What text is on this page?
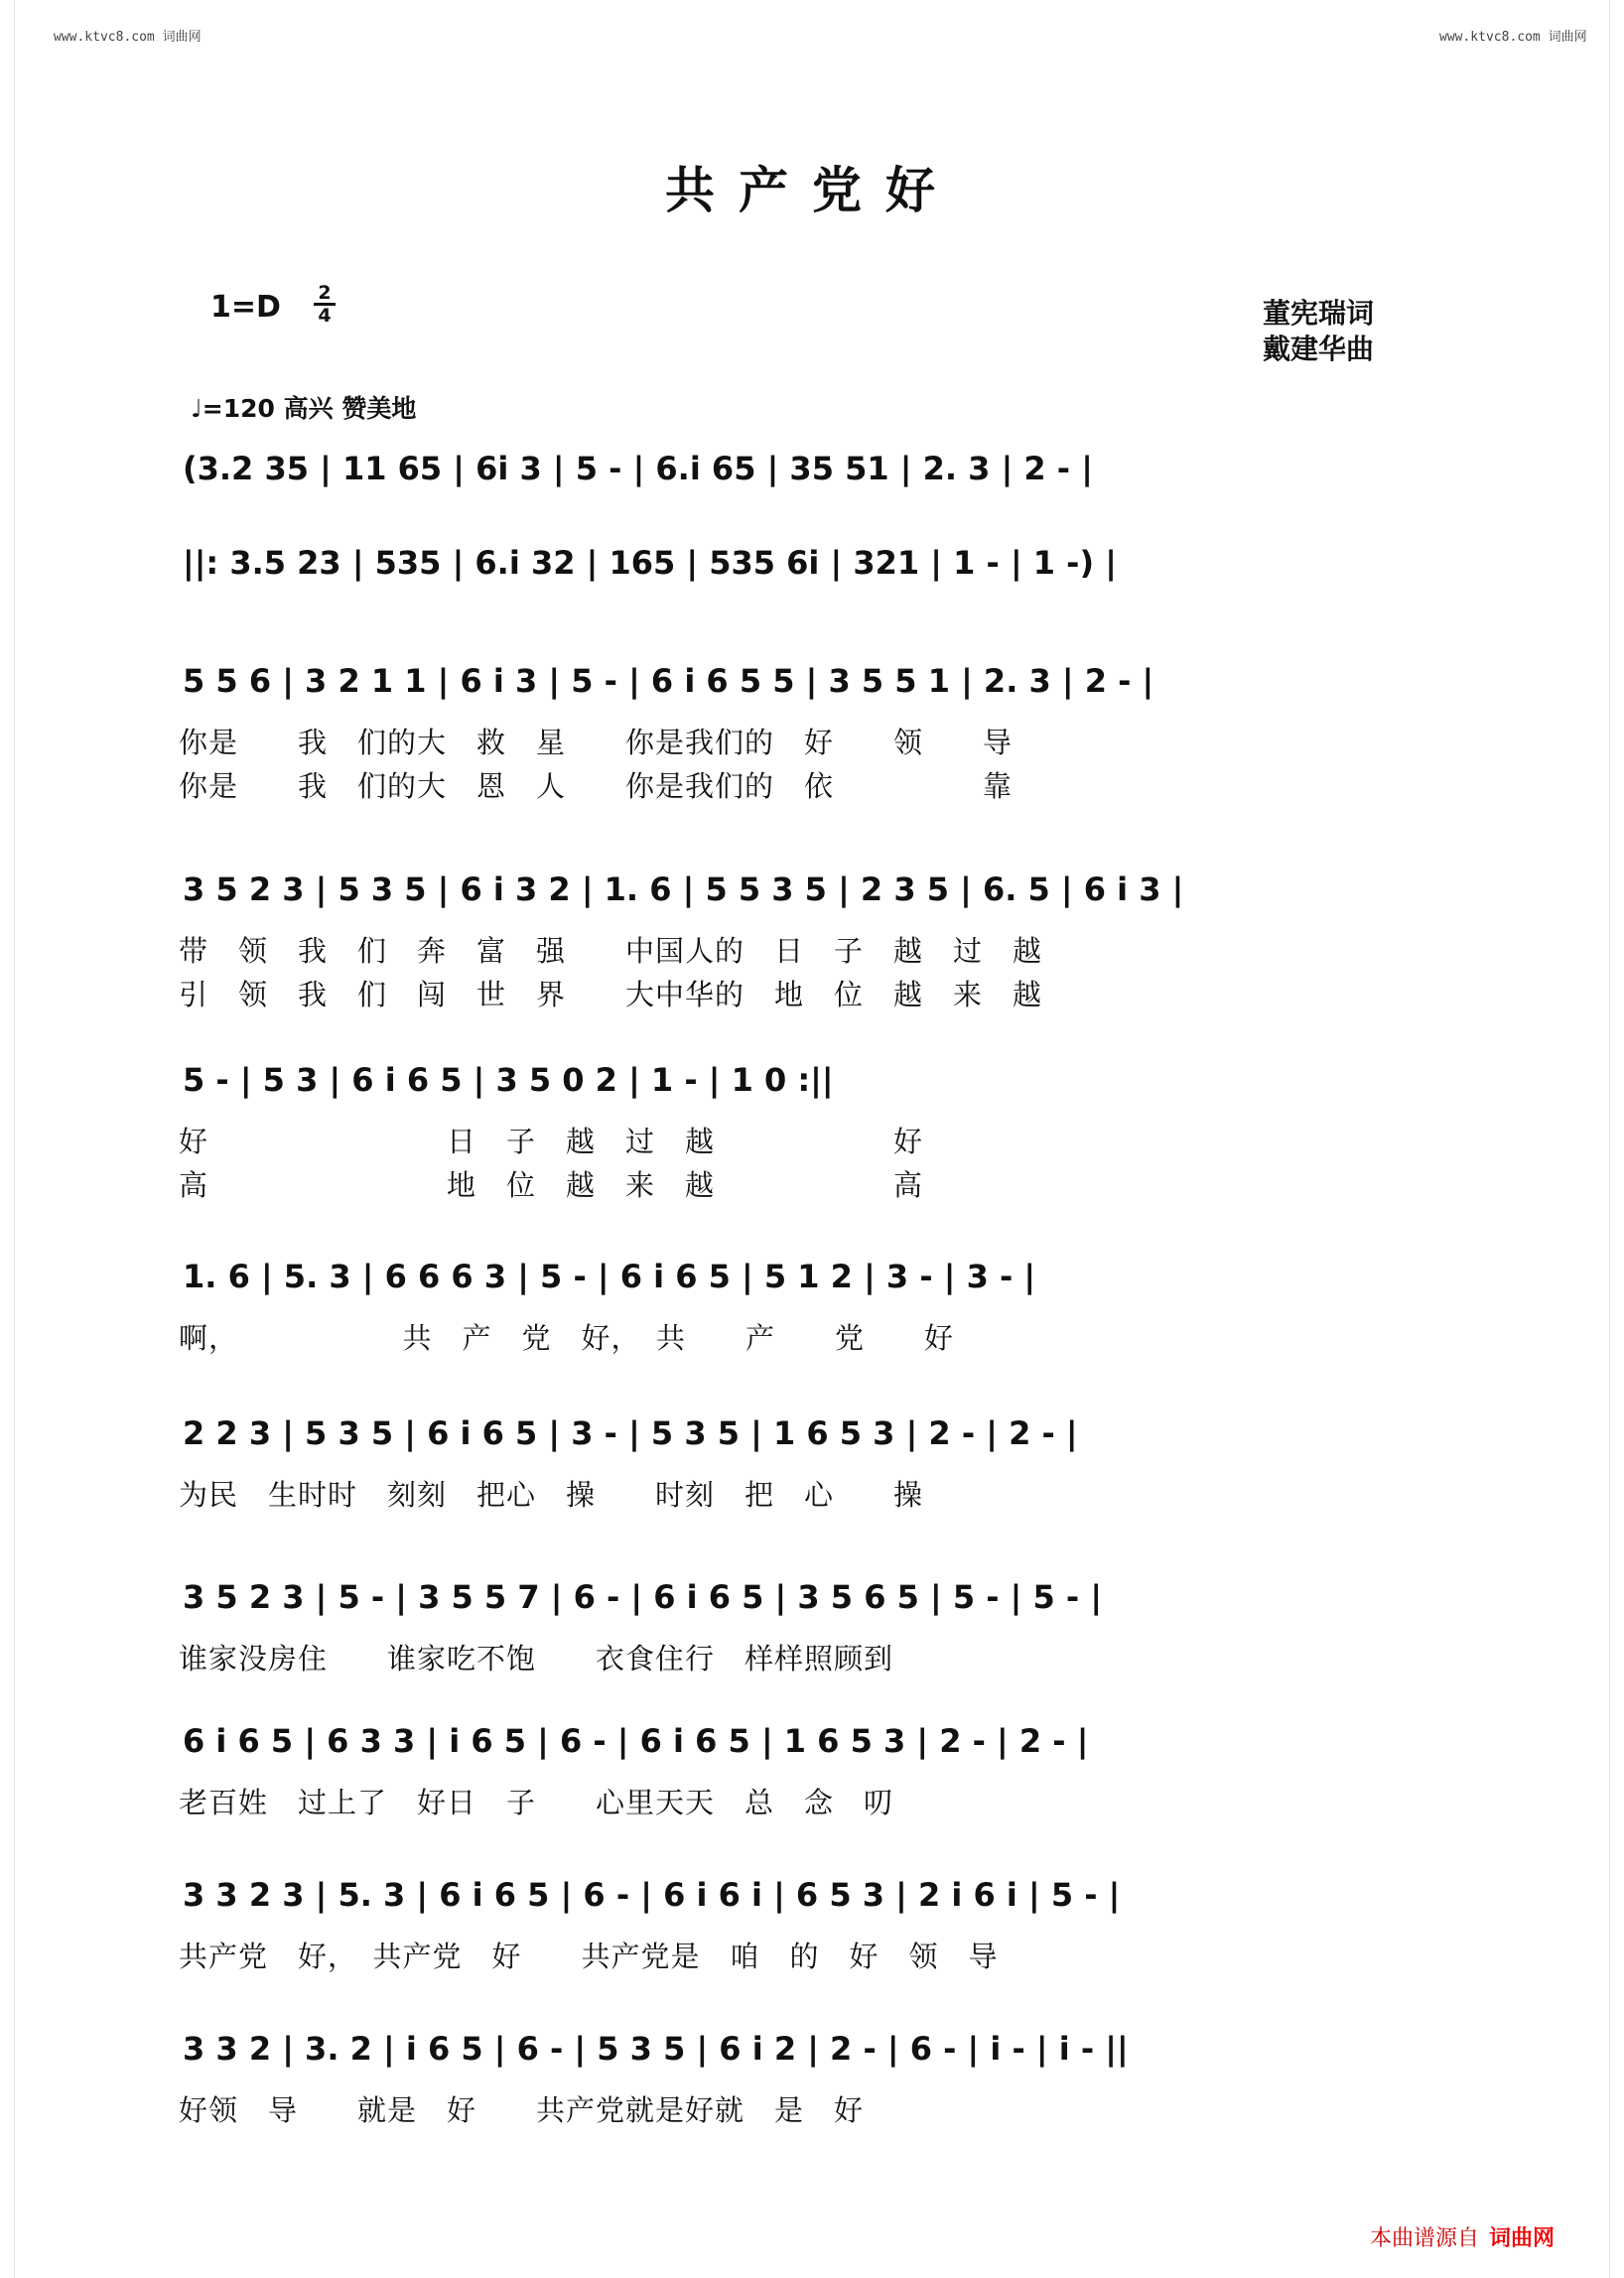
www.ktvc8.com 词曲网	www.ktvc8.com 词曲网
共产党好
1=D 2
4	董宪瑞词
戴建华曲
♩=120 高兴 赞美地
(3.2 35 | 11 65 | 6i 3 | 5 - | 6.i 65 | 35 51 | 2. 3 | 2 - |
||: 3.5 23 | 535 | 6.i 32 | 165 | 535 6i | 321 | 1 - | 1 -) |
5 5 6 | 3 2 1 1 | 6 i 3 | 5 - | 6 i 6 5 5 | 3 5 5 1 | 2. 3 | 2 - |
你是　　我　们的大　救　星　　你是我们的　好　　领　　导
你是　　我　们的大　恩　人　　你是我们的　依　　　　　靠
3 5 2 3 | 5 3 5 | 6 i 3 2 | 1. 6 | 5 5 3 5 | 2 3 5 | 6. 5 | 6 i 3 |
带　领　我　们　奔　富　强　　中国人的　日　子　越　过　越
引　领　我　们　闯　世　界　　大中华的　地　位　越　来　越
5 - | 5 3 | 6 i 6 5 | 3 5 0 2 | 1 - | 1 0 :||
好　　　　　　　　日　子　越　过　越　　　　　　好
高　　　　　　　　地　位　越　来　越　　　　　　高
1. 6 | 5. 3 | 6 6 6 3 | 5 - | 6 i 6 5 | 5 1 2 | 3 - | 3 - |
啊，　　　　　　共　产　党　好，　共　　产　　党　　好
2 2 3 | 5 3 5 | 6 i 6 5 | 3 - | 5 3 5 | 1 6 5 3 | 2 - | 2 - |
为民　生时时　刻刻　把心　操　　时刻　把　心　　操
3 5 2 3 | 5 - | 3 5 5 7 | 6 - | 6 i 6 5 | 3 5 6 5 | 5 - | 5 - |
谁家没房住　　谁家吃不饱　　衣食住行　样样照顾到
6 i 6 5 | 6 3 3 | i 6 5 | 6 - | 6 i 6 5 | 1 6 5 3 | 2 - | 2 - |
老百姓　过上了　好日　子　　心里天天　总　念　叨
3 3 2 3 | 5. 3 | 6 i 6 5 | 6 - | 6 i 6 i | 6 5 3 | 2 i 6 i | 5 - |
共产党　好，　共产党　好　　共产党是　咱　的　好　领　导
3 3 2 | 3. 2 | i 6 5 | 6 - | 5 3 5 | 6 i 2 | 2 - | 6 - | i - | i - ||
好领　导　　就是　好　　共产党就是好就　是　好
本曲谱源自 词曲网
